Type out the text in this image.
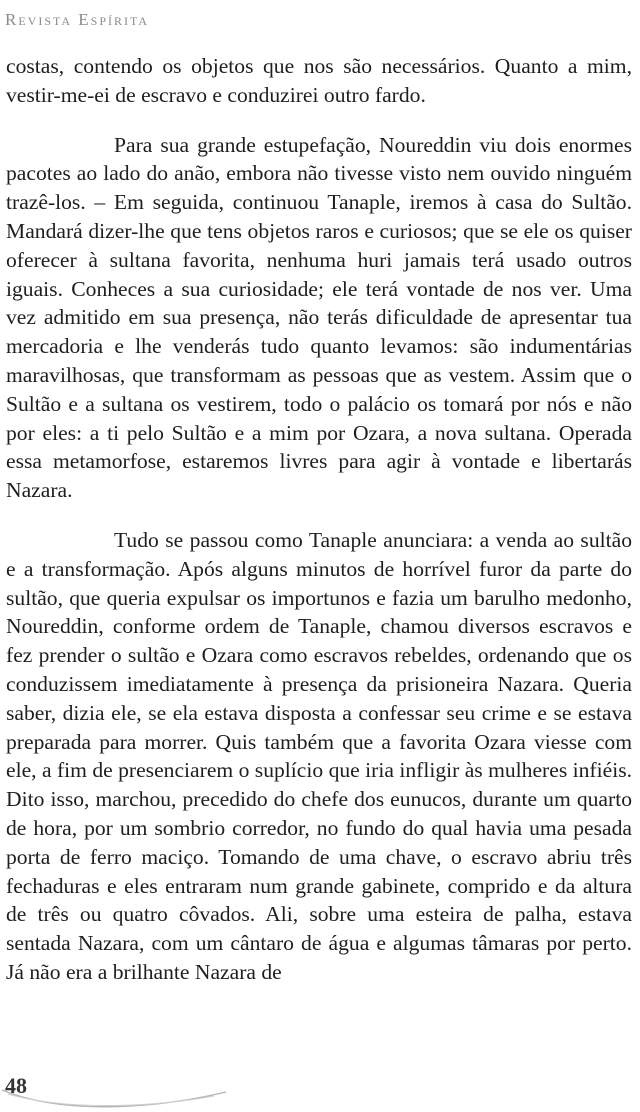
Revista Espírita

costas, contendo os objetos que nos são necessários. Quanto a mim, vestir-me-ei de escravo e conduzirei outro fardo.

Para sua grande estupefação, Noureddin viu dois enormes pacotes ao lado do anão, embora não tivesse visto nem ouvido ninguém trazê-los. – Em seguida, continuou Tanaple, iremos à casa do Sultão. Mandará dizer-lhe que tens objetos raros e curiosos; que se ele os quiser oferecer à sultana favorita, nenhuma huri jamais terá usado outros iguais. Conheces a sua curiosidade; ele terá vontade de nos ver. Uma vez admitido em sua presença, não terás dificuldade de apresentar tua mercadoria e lhe venderás tudo quanto levamos: são indumentárias maravilhosas, que transformam as pessoas que as vestem. Assim que o Sultão e a sultana os vestirem, todo o palácio os tomará por nós e não por eles: a ti pelo Sultão e a mim por Ozara, a nova sultana. Operada essa metamorfose, estaremos livres para agir à vontade e libertarás Nazara.

Tudo se passou como Tanaple anunciara: a venda ao sultão e a transformação. Após alguns minutos de horrível furor da parte do sultão, que queria expulsar os importunos e fazia um barulho medonho, Noureddin, conforme ordem de Tanaple, chamou diversos escravos e fez prender o sultão e Ozara como escravos rebeldes, ordenando que os conduzissem imediatamente à presença da prisioneira Nazara. Queria saber, dizia ele, se ela estava disposta a confessar seu crime e se estava preparada para morrer. Quis também que a favorita Ozara viesse com ele, a fim de presenciarem o suplício que iria infligir às mulheres infiéis. Dito isso, marchou, precedido do chefe dos eunucos, durante um quarto de hora, por um sombrio corredor, no fundo do qual havia uma pesada porta de ferro maciço. Tomando de uma chave, o escravo abriu três fechaduras e eles entraram num grande gabinete, comprido e da altura de três ou quatro côvados. Ali, sobre uma esteira de palha, estava sentada Nazara, com um cântaro de água e algumas tâmaras por perto. Já não era a brilhante Nazara de

48
